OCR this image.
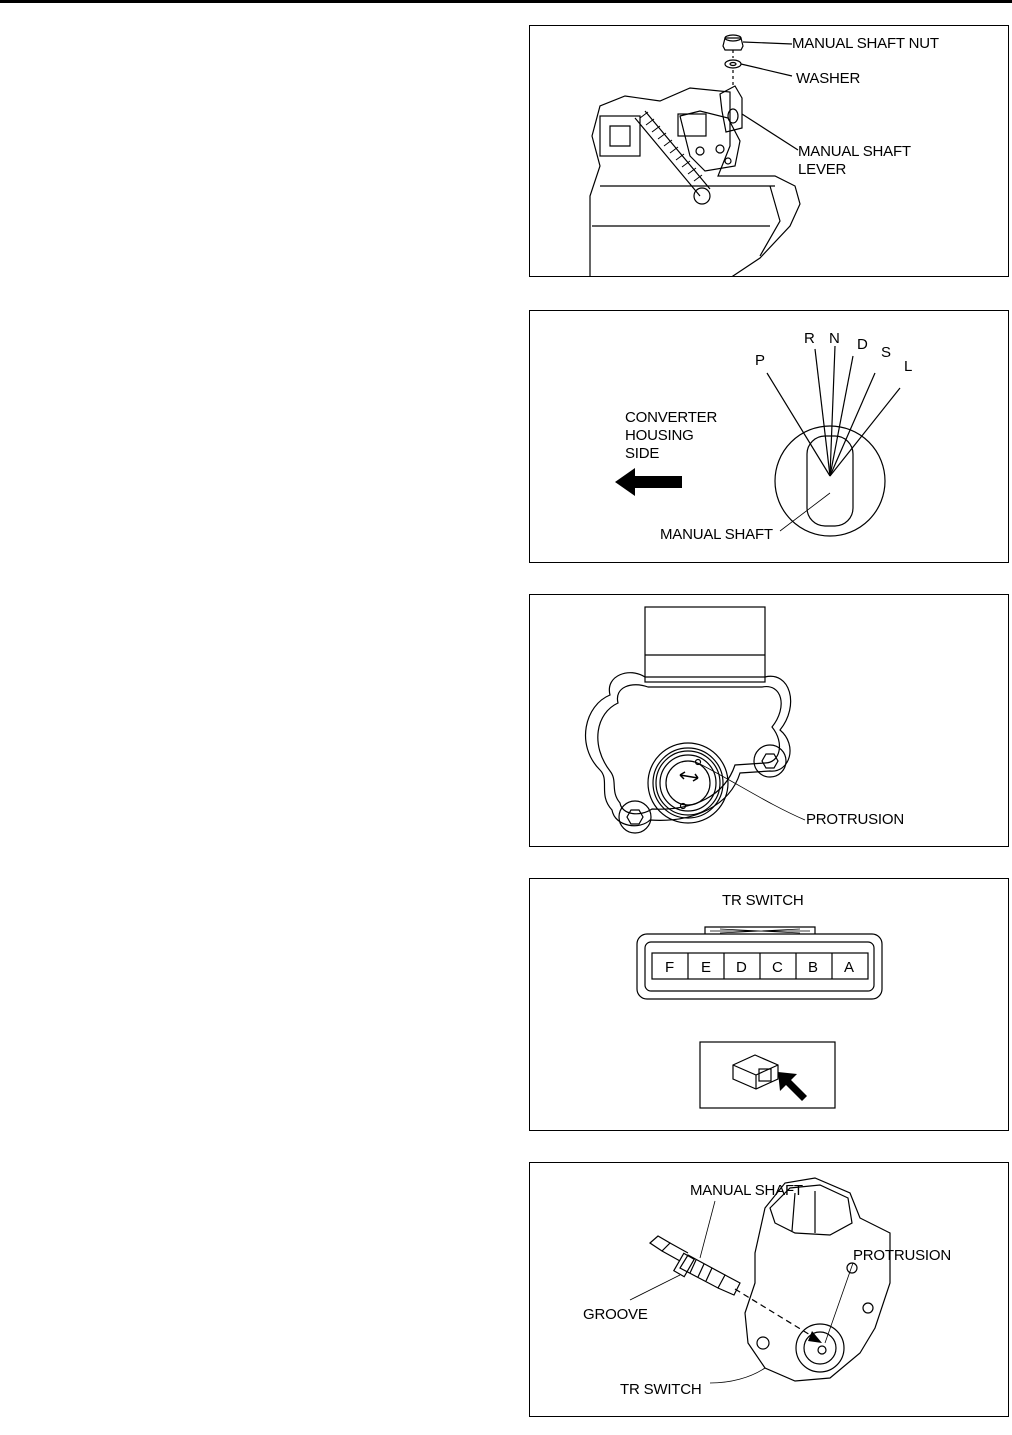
MANUAL SHAFT NUT
WASHER
MANUAL SHAFT
LEVER
P
R N D S
L
CONVERTER
HOUSING
SIDE
MANUAL SHAFT
PROTRUSION
TR SWITCH
F E D C B A
MANUAL SHAFT
PROTRUSION
GROOVE
TR SWITCH
